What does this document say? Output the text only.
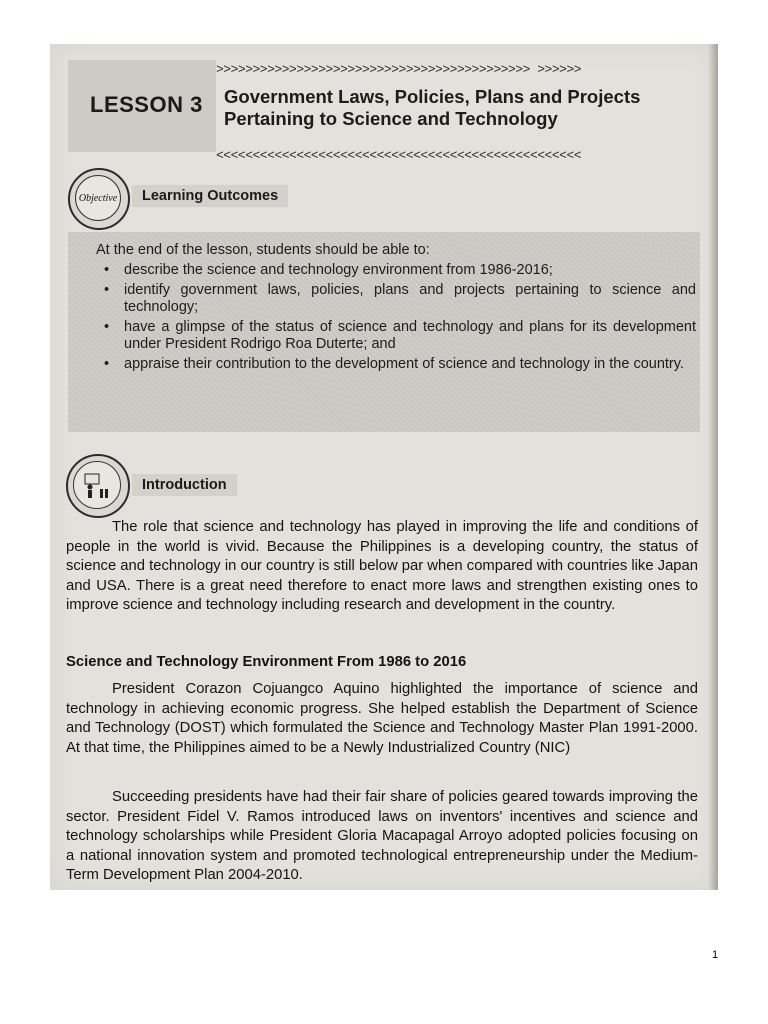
>>>>>>>>>>>>>>>>>>>>>>>>>>>>>>>>>>>>>>>>>>> >>>>>>
LESSON 3 Government Laws, Policies, Plans and Projects
Pertaining to Science and Technology
<<<<<<<<<<<<<<<<<<<<<<<<<<<<<<<<<<<<<<<<<<<<<<<<<<
Objective	Learning Outcomes
At the end of the lesson, students should be able to:
• describe the science and technology environment from 1986-2016;
• identify government laws, policies, plans and projects pertaining to science and technology;
• have a glimpse of the status of science and technology and plans for its development under President Rodrigo Roa Duterte; and
• appraise their contribution to the development of science and technology in the country.
Introduction
The role that science and technology has played in improving the life and conditions of people in the world is vivid. Because the Philippines is a developing country, the status of science and technology in our country is still below par when compared with countries like Japan and USA. There is a great need therefore to enact more laws and strengthen existing ones to improve science and technology including research and development in the country.
Science and Technology Environment From 1986 to 2016
President Corazon Cojuangco Aquino highlighted the importance of science and technology in achieving economic progress. She helped establish the Department of Science and Technology (DOST) which formulated the Science and Technology Master Plan 1991-2000. At that time, the Philippines aimed to be a Newly Industrialized Country (NIC)
Succeeding presidents have had their fair share of policies geared towards improving the sector. President Fidel V. Ramos introduced laws on inventors' incentives and science and technology scholarships while President Gloria Macapagal Arroyo adopted policies focusing on a national innovation system and promoted technological entrepreneurship under the Medium-Term Development Plan 2004-2010.
1
